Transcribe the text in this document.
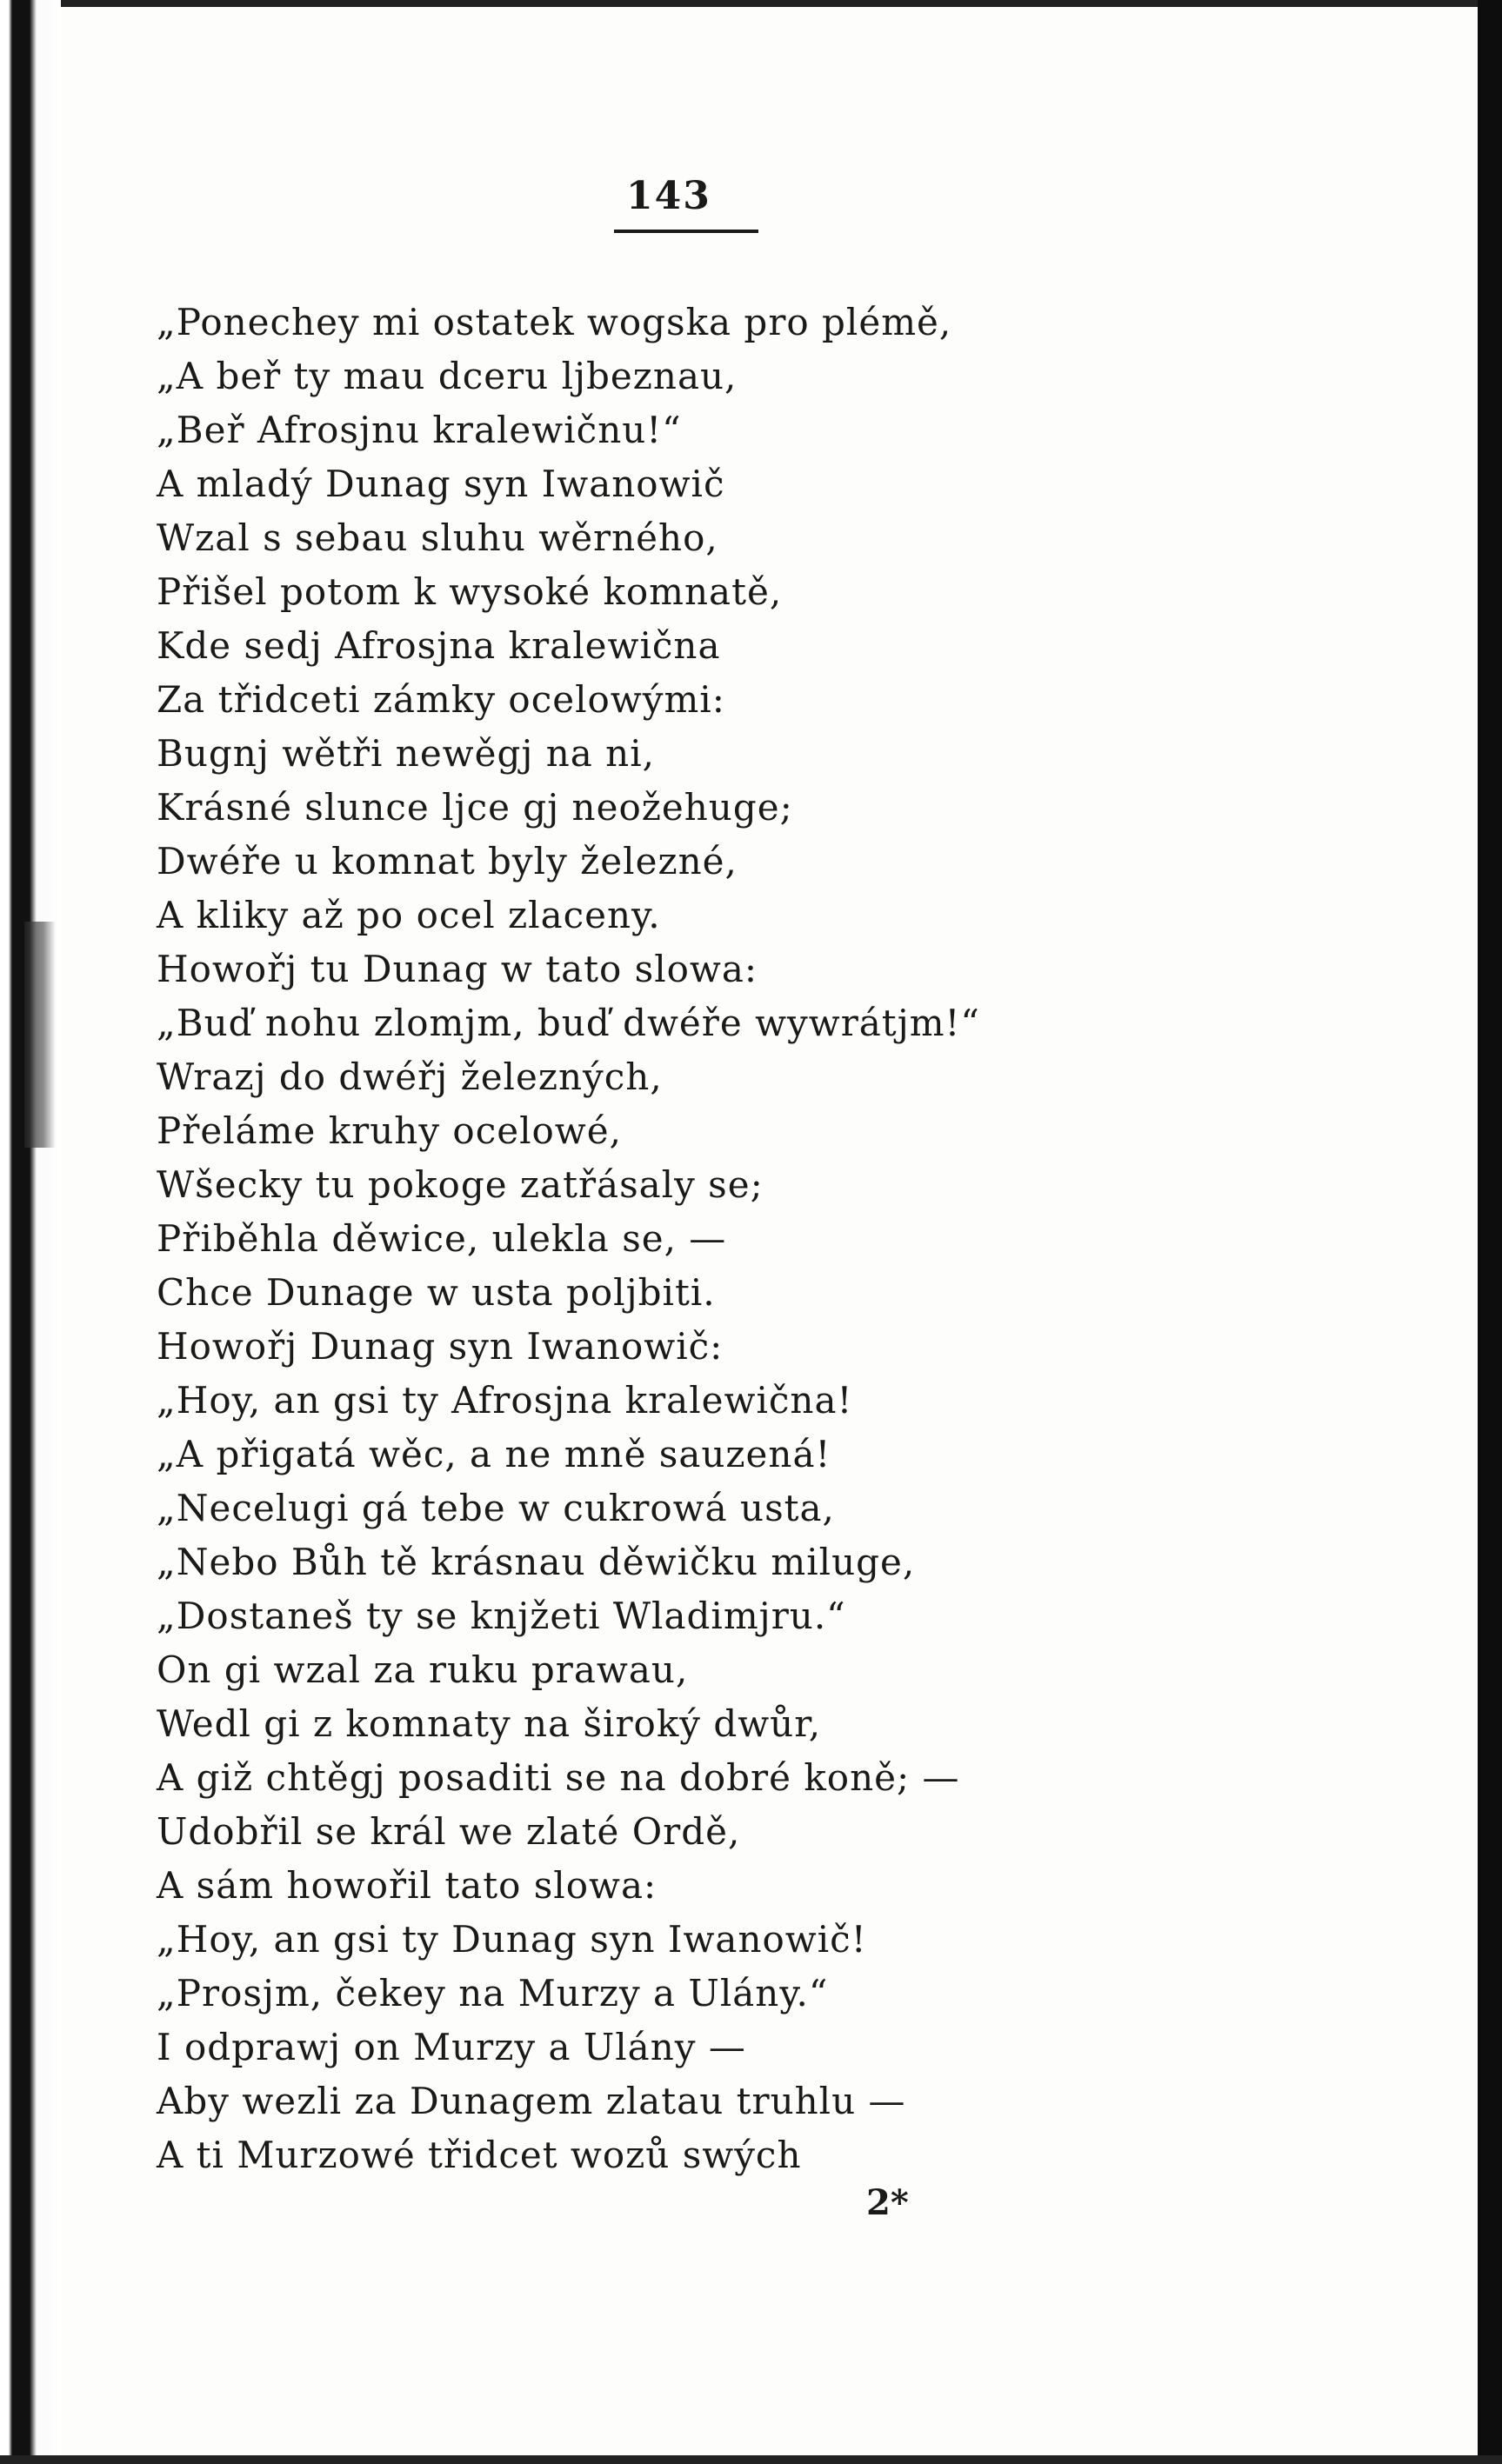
143
„Ponechey mi ostatek wogska pro plémě,
„A beř ty mau dceru ljbeznau,
„Beř Afrosjnu kralewičnu!“
A mladý Dunag syn Iwanowič
Wzal s sebau sluhu wěrného,
Přišel potom k wysoké komnatě,
Kde sedj Afrosjna kralewična
Za třidceti zámky ocelowými:
Bugnj wětři newěgj na ni,
Krásné slunce ljce gj neožehuge;
Dwéře u komnat byly železné,
A kliky až po ocel zlaceny.
Howořj tu Dunag w tato slowa:
„Buď nohu zlomjm, buď dwéře wywrátjm!“
Wrazj do dwéřj železných,
Přeláme kruhy ocelowé,
Wšecky tu pokoge zatřásaly se;
Přiběhla děwice, ulekla se, —
Chce Dunage w usta poljbiti.
Howořj Dunag syn Iwanowič:
„Hoy, an gsi ty Afrosjna kralewična!
„A přigatá wěc, a ne mně sauzená!
„Necelugi gá tebe w cukrowá usta,
„Nebo Bůh tě krásnau děwičku miluge,
„Dostaneš ty se knjžeti Wladimjru.“
On gi wzal za ruku prawau,
Wedl gi z komnaty na široký dwůr,
A giž chtěgj posaditi se na dobré koně; —
Udobřil se král we zlaté Ordě,
A sám howořil tato slowa:
„Hoy, an gsi ty Dunag syn Iwanowič!
„Prosjm, čekey na Murzy a Ulány.“
I odprawj on Murzy a Ulány —
Aby wezli za Dunagem zlatau truhlu —
A ti Murzowé třidcet wozů swých
2*
